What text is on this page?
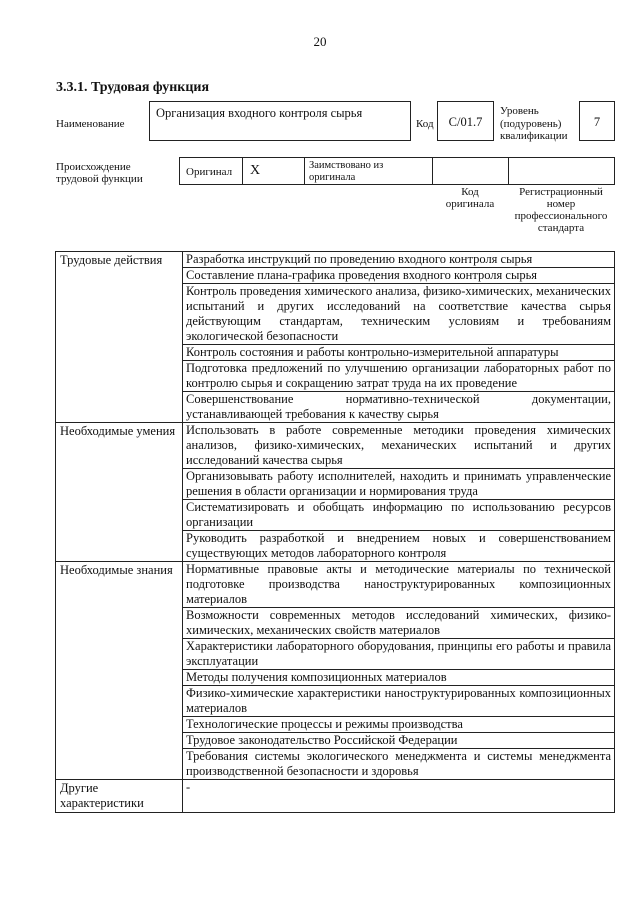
20
3.3.1. Трудовая функция
Наименование
Организация входного контроля сырья
Код	C/01.7
Уровень
(подуровень)
квалификации
7
Происхождение
трудовой функции
Оригинал X	Заимствовано из
оригинала
Код
оригинала
Регистрационный
номер
профессионального
стандарта
Трудовые действия	Разработка инструкций по проведению входного контроля сырья
	Составление плана-графика проведения входного контроля сырья
	Контроль проведения химического анализа, физико-химических, механических испытаний и других исследований на соответствие качества сырья действующим стандартам, техническим условиям и требованиям экологической безопасности
	Контроль состояния и работы контрольно-измерительной аппаратуры
	Подготовка предложений по улучшению организации лабораторных работ по контролю сырья и сокращению затрат труда на их проведение
	Совершенствование нормативно-технической документации, устанавливающей требования к качеству сырья
Необходимые умения	Использовать в работе современные методики проведения химических анализов, физико-химических, механических испытаний и других исследований качества сырья
	Организовывать работу исполнителей, находить и принимать управленческие решения в области организации и нормирования труда
	Систематизировать и обобщать информацию по использованию ресурсов организации
	Руководить разработкой и внедрением новых и совершенствованием существующих методов лабораторного контроля
Необходимые знания	Нормативные правовые акты и методические материалы по технической подготовке производства наноструктурированных композиционных материалов
	Возможности современных методов исследований химических, физико-химических, механических свойств материалов
	Характеристики лабораторного оборудования, принципы его работы и правила эксплуатации
	Методы получения композиционных материалов
	Физико-химические характеристики наноструктурированных композиционных материалов
	Технологические процессы и режимы производства
	Трудовое законодательство Российской Федерации
	Требования системы экологического менеджмента и системы менеджмента производственной безопасности и здоровья
Другие характеристики	-
